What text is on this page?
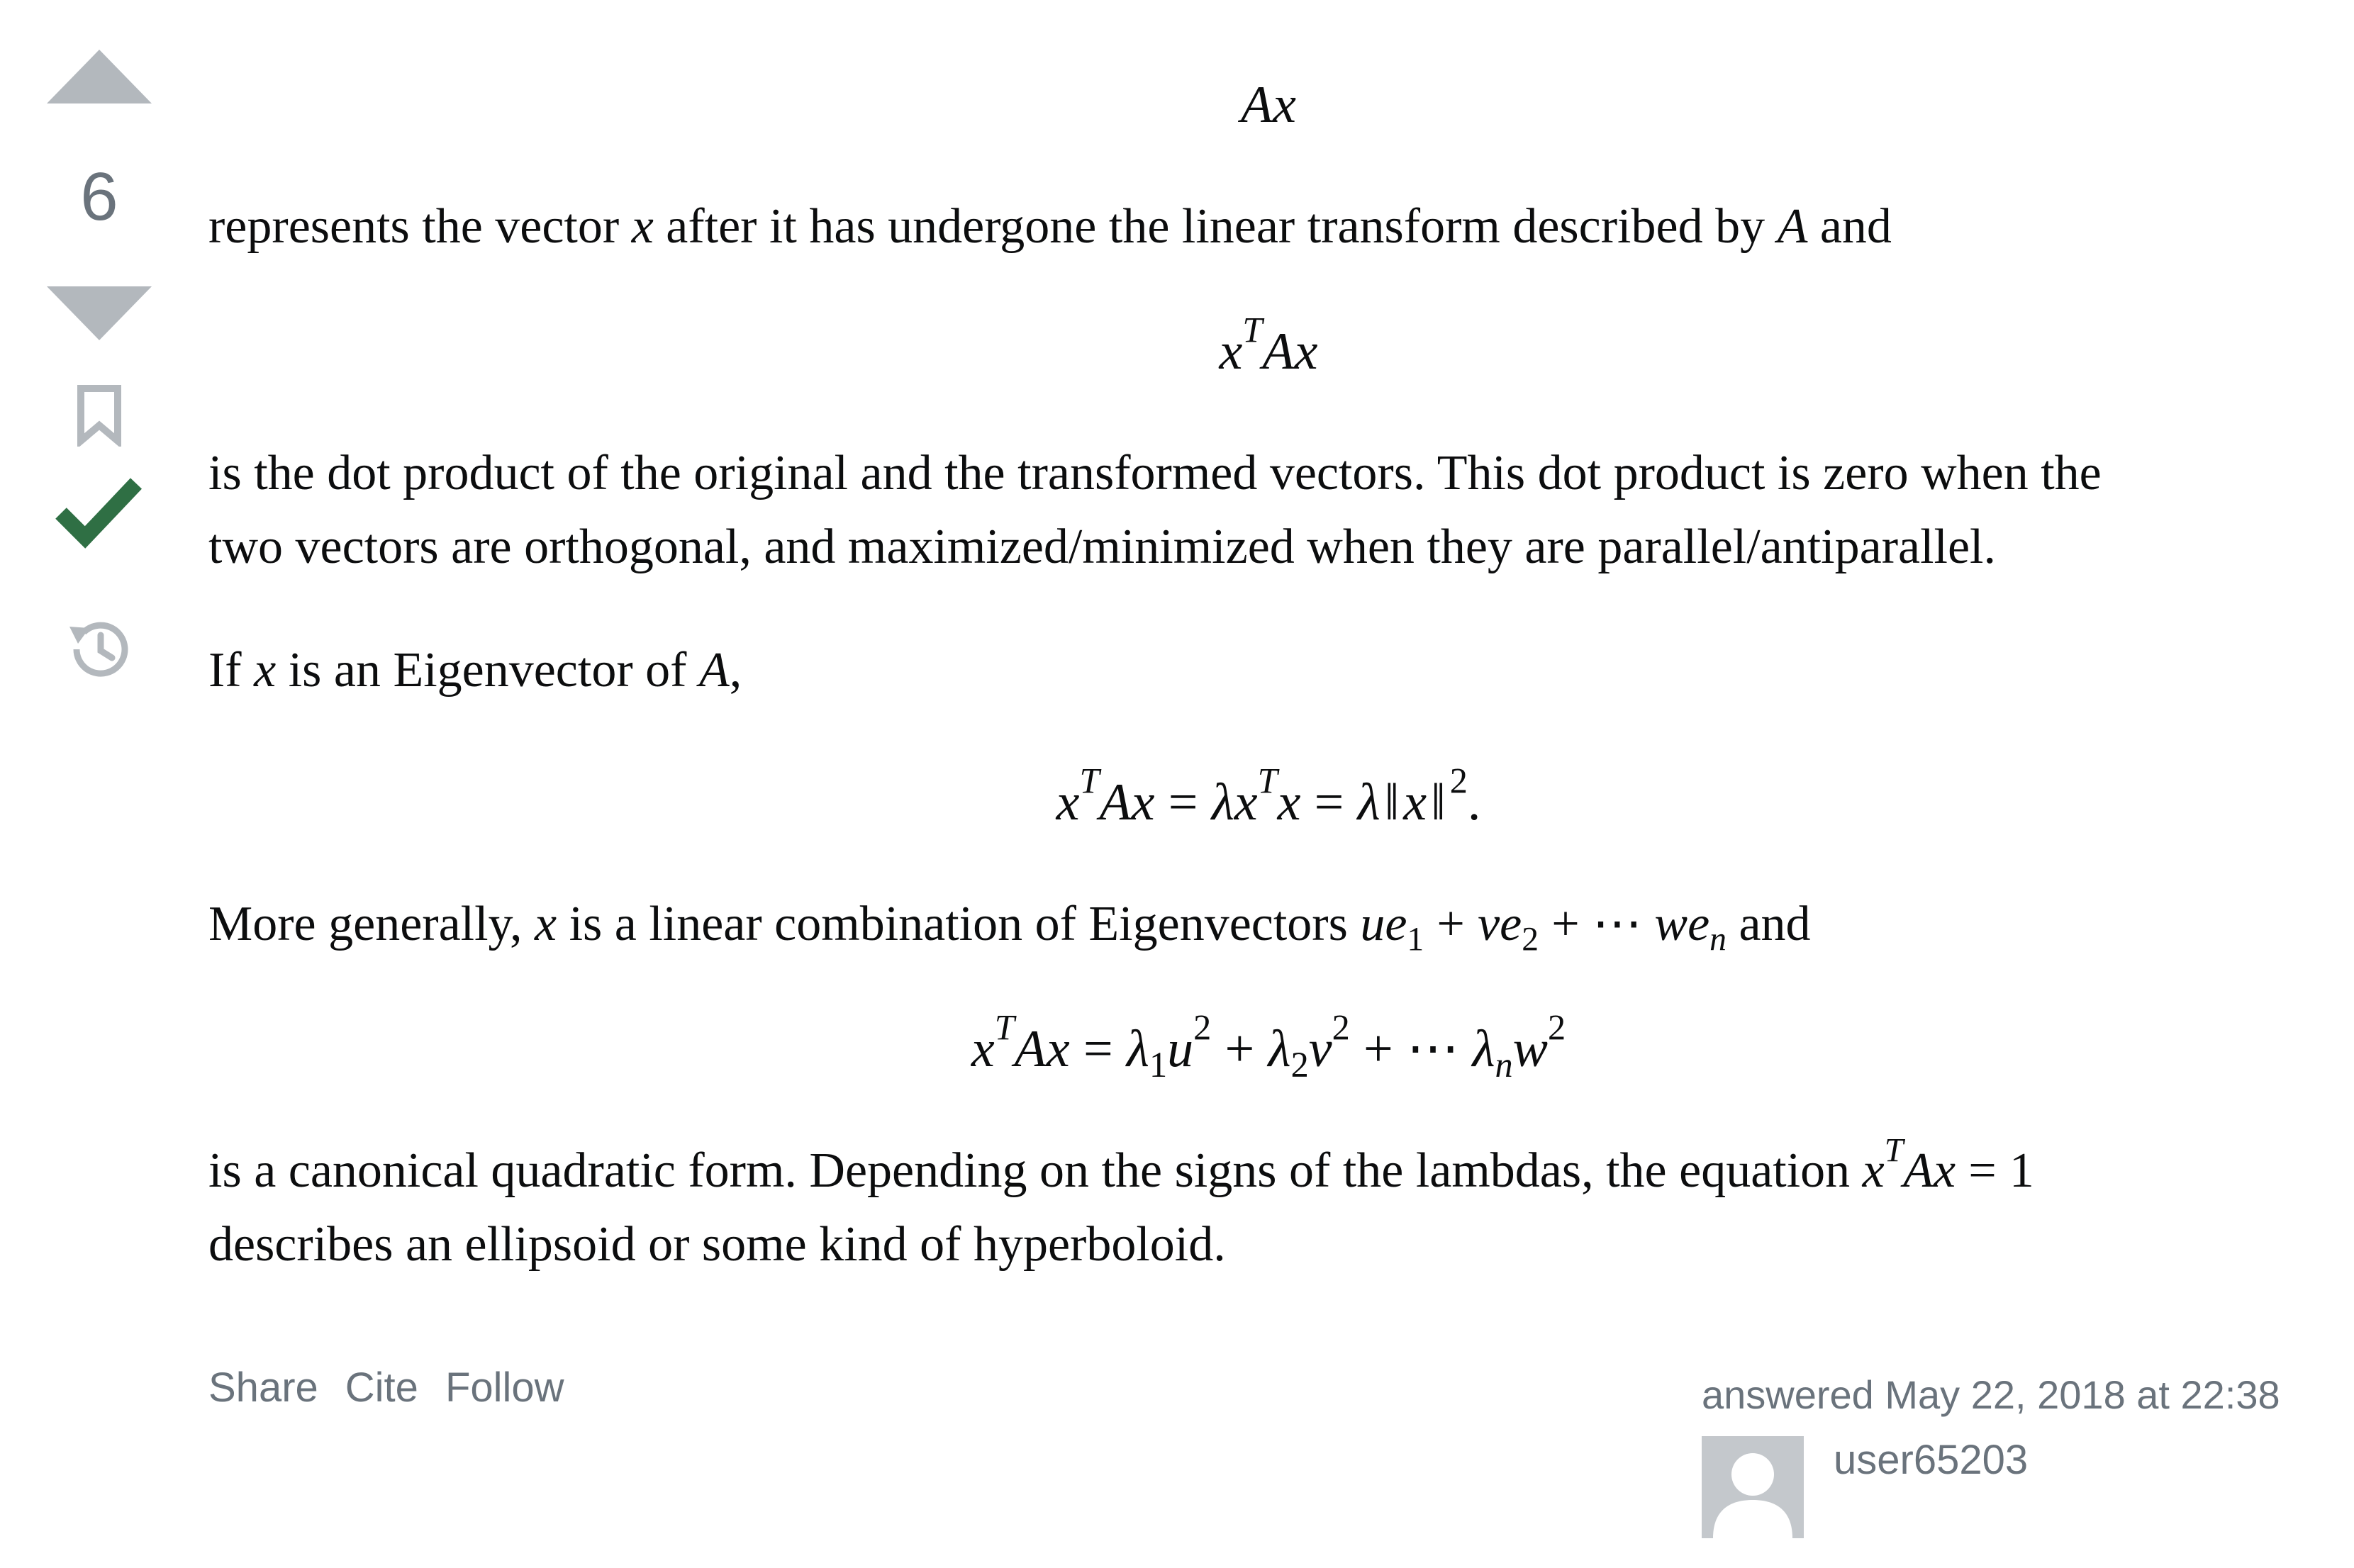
6
Ax
represents the vector x after it has undergone the linear transform described by A and
$x^TAx$
is the dot product of the original and the transformed vectors. This dot product is zero when the
two vectors are orthogonal, and maximized/minimized when they are parallel/antiparallel.
If x is an Eigenvector of A,
$x^TAx = \lambda x^Tx$ = λ‖x‖ $^2$.
More generally, x is a linear combination of Eigenvectors $ue_1 + ve_2$ + ⋯ $we_n$ and
$x^TAx = \lambda_1u^2 + \lambda_2v^2$ + ⋯ $\lambda_nw^2$
is a canonical quadratic form. Depending on the signs of the lambdas, the equation $x^TAx = 1$
describes an ellipsoid or some kind of hyperboloid.
Share Cite Follow	answered May 22, 2018 at 22:38
user65203
